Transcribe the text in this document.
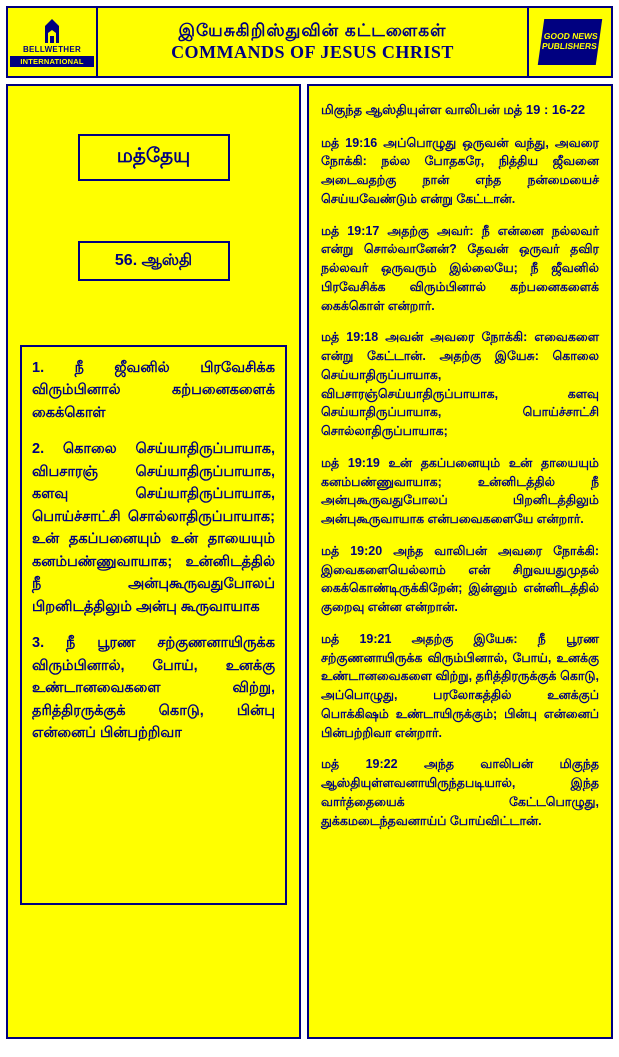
BELLWETHER
INTERNATIONAL
இயேசுகிறிஸ்துவின் கட்டளைகள்
COMMANDS OF JESUS CHRIST
GOOD NEWS
PUBLISHERS
மத்தேயு
56. ஆஸ்தி
1. நீ ஜீவனில் பிரவேசிக்க விரும்பினால் கற்பனைகளைக் கைக்கொள்
2. கொலை செய்யாதிருப்பாயாக, விபசாரஞ் செய்யாதிருப்பாயாக, களவு செய்யாதிருப்பாயாக, பொய்ச்சாட்சி சொல்லாதிருப்பாயாக; உன் தகப்பனையும் உன் தாயையும் கனம்பண்ணுவாயாக; உன்னிடத்தில் நீ அன்புகூருவதுபோலப் பிறனிடத்திலும் அன்பு கூருவாயாக
3. நீ பூரண சற்குணனாயிருக்க விரும்பினால், போய், உனக்கு உண்டானவைகளை விற்று, தரித்திரருக்குக் கொடு, பின்பு என்னைப் பின்பற்றிவா
மிகுந்த ஆஸ்தியுள்ள வாலிபன் மத் 19 : 16-22
மத் 19:16 அப்பொழுது ஒருவன் வந்து, அவரை நோக்கி: நல்ல போதகரே, நித்திய ஜீவனை அடைவதற்கு நான் எந்த நன்மையைச் செய்யவேண்டும் என்று கேட்டான்.
மத் 19:17 அதற்கு அவர்: நீ என்னை நல்லவர் என்று சொல்வானேன்? தேவன் ஒருவர் தவிர நல்லவர் ஒருவரும் இல்லையே; நீ ஜீவனில் பிரவேசிக்க விரும்பினால் கற்பனைகளைக் கைக்கொள் என்றார்.
மத் 19:18 அவன் அவரை நோக்கி: எவைகளை என்று கேட்டான். அதற்கு இயேசு: கொலை செய்யாதிருப்பாயாக, விபசாரஞ்செய்யாதிருப்பாயாக, களவு செய்யாதிருப்பாயாக, பொய்ச்சாட்சி சொல்லாதிருப்பாயாக;
மத் 19:19 உன் தகப்பனையும் உன் தாயையும் கனம்பண்ணுவாயாக; உன்னிடத்தில் நீ அன்புகூருவதுபோலப் பிறனிடத்திலும் அன்புகூருவாயாக என்பவைகளையே என்றார்.
மத் 19:20 அந்த வாலிபன் அவரை நோக்கி: இவைகளையெல்லாம் என் சிறுவயதுமுதல் கைக்கொண்டிருக்கிறேன்; இன்னும் என்னிடத்தில் குறைவு என்ன என்றான்.
மத் 19:21 அதற்கு இயேசு: நீ பூரண சற்குணனாயிருக்க விரும்பினால், போய், உனக்கு உண்டானவைகளை விற்று, தரித்திரருக்குக் கொடு, அப்பொழுது, பரலோகத்தில் உனக்குப் பொக்கிஷம் உண்டாயிருக்கும்; பின்பு என்னைப் பின்பற்றிவா என்றார்.
மத் 19:22 அந்த வாலிபன் மிகுந்த ஆஸ்தியுள்ளவனாயிருந்தபடியால், இந்த வார்த்தையைக் கேட்டபொழுது, துக்கமடைந்தவனாய்ப் போய்விட்டான்.
